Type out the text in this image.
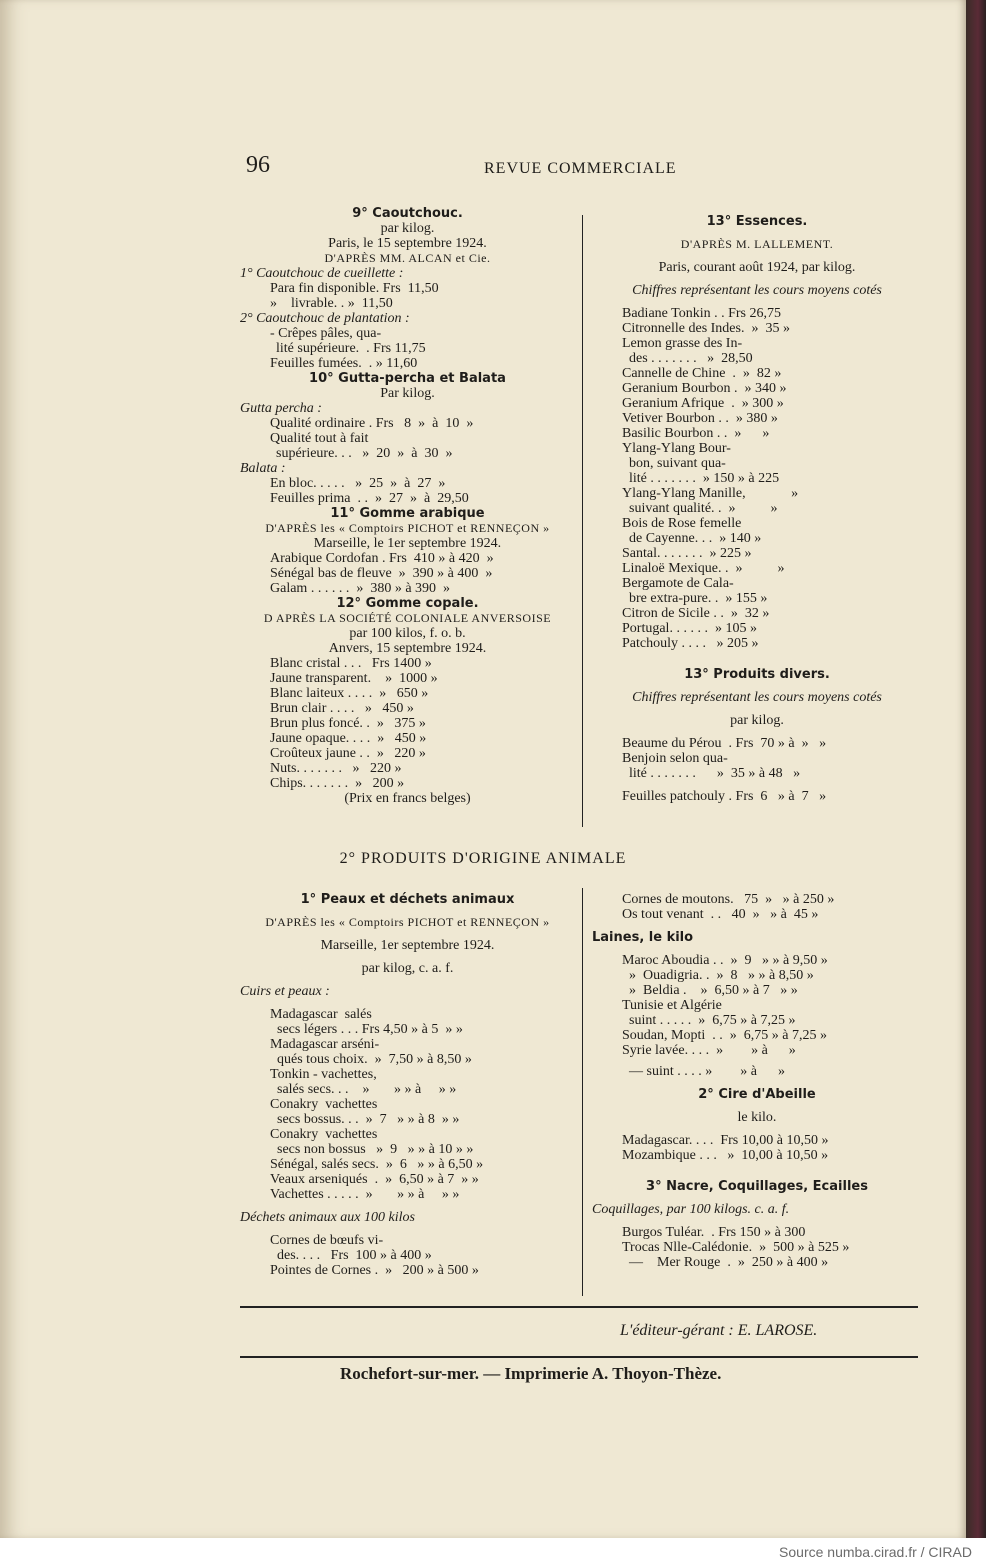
Source numba.cirad.fr / CIRAD
96	REVUE COMMERCIALE
9° Caoutchouc.
par kilog.
Paris, le 15 septembre 1924.
D'APRÈS MM. ALCAN et Cie.
1° Caoutchouc de cueillette :
Para fin disponible. Frs  11,50
»    livrable. . »  11,50
2° Caoutchouc de plantation :
- Crêpes pâles, qua-
lité supérieure.  . Frs 11,75
Feuilles fumées.  . » 11,60
10° Gutta-percha et Balata
Par kilog.
Gutta percha :
Qualité ordinaire . Frs   8  »  à  10  »
Qualité tout à fait
supérieure. . .   »  20  »  à  30  »
Balata :
En bloc. . . . .   »  25  »  à  27  »
Feuilles prima  . .  »  27  »  à  29,50
11° Gomme arabique
D'APRÈS les « Comptoirs PICHOT et RENNEÇON »
Marseille, le 1er septembre 1924.
Arabique Cordofan . Frs  410 » à 420  »
Sénégal bas de fleuve  »  390 » à 400  »
Galam . . . . . .  »  380 » à 390  »
12° Gomme copale.
D APRÈS LA SOCIÉTÉ COLONIALE ANVERSOISE
par 100 kilos, f. o. b.
Anvers, 15 septembre 1924.
Blanc cristal . . .   Frs 1400 »
Jaune transparent.    »  1000 »
Blanc laiteux . . . .  »   650 »
Brun clair . . . .   »   450 »
Brun plus foncé. .  »   375 »
Jaune opaque. . . .  »   450 »
Croûteux jaune . .  »   220 »
Nuts. . . . . . .   »   220 »
Chips. . . . . . .  »   200 »
(Prix en francs belges)
13° Essences.
D'APRÈS M. LALLEMENT.
Paris, courant août 1924, par kilog.
Chiffres représentant les cours moyens cotés
Badiane Tonkin . . Frs 26,75
Citronnelle des Indes.  »  35 »
Lemon grasse des In-
des . . . . . . .   »  28,50
Cannelle de Chine  .  »  82 »
Geranium Bourbon .  » 340 »
Geranium Afrique  .  » 300 »
Vetiver Bourbon . .  » 380 »
Basilic Bourbon . .  »      »
Ylang-Ylang Bour-
bon, suivant qua-
lité . . . . . . .  » 150 » à 225
Ylang-Ylang Manille,             »
suivant qualité. .  »          »
Bois de Rose femelle
de Cayenne. . .  » 140 »
Santal. . . . . . .  » 225 »
Linaloë Mexique. .  »          »
Bergamote de Cala-
bre extra-pure. .  » 155 »
Citron de Sicile . .  »  32 »
Portugal. . . . . .  » 105 »
Patchouly . . . .   » 205 »
13° Produits divers.
Chiffres représentant les cours moyens cotés
par kilog.
Beaume du Pérou  . Frs  70 » à  »   »
Benjoin selon qua-
lité . . . . . . .      »  35 » à 48   »
Feuilles patchouly . Frs  6   » à  7   »
2° PRODUITS D'ORIGINE ANIMALE
1° Peaux et déchets animaux
D'APRÈS les « Comptoirs PICHOT et RENNEÇON »
Marseille, 1er septembre 1924.
par kilog, c. a. f.
Cuirs et peaux :
Madagascar  salés
secs légers . . . Frs 4,50 » à 5  » »
Madagascar arséni-
qués tous choix.  »  7,50 » à 8,50 »
Tonkin - vachettes,
salés secs. . .    »       » » à     » »
Conakry  vachettes
secs bossus. . .  »  7   » » à 8  » »
Conakry  vachettes
secs non bossus   »  9   » » à 10 » »
Sénégal, salés secs.  »  6   » » à 6,50 »
Veaux arseniqués  .  »  6,50 » à 7  » »
Vachettes . . . . .  »       » » à     » »
Déchets animaux aux 100 kilos
Cornes de bœufs vi-
des. . . .   Frs  100 » à 400 »
Pointes de Cornes .  »   200 » à 500 »
Cornes de moutons.   75  »   » à 250 »
Os tout venant  . .   40  »   » à  45 »
Laines, le kilo
Maroc Aboudia . .  »  9   » » à 9,50 »
»  Ouadigria. .  »  8   » » à 8,50 »
»  Beldia .    »  6,50 » à 7   » »
Tunisie et Algérie
suint . . . . .  »  6,75 » à 7,25 »
Soudan, Mopti  . .  »  6,75 » à 7,25 »
Syrie lavée. . . .  »        » à      »
— suint . . . . »        » à      »
2° Cire d'Abeille
le kilo.
Madagascar. . . .  Frs 10,00 à 10,50 »
Mozambique . . .   »  10,00 à 10,50 »
3° Nacre, Coquillages, Ecailles
Coquillages, par 100 kilogs. c. a. f.
Burgos Tuléar.  . Frs 150 » à 300
Trocas Nlle-Calédonie.  »  500 » à 525 »
—    Mer Rouge  .  »  250 » à 400 »
L'éditeur-gérant : E. LAROSE.
Rochefort-sur-mer. — Imprimerie A. Thoyon-Thèze.
